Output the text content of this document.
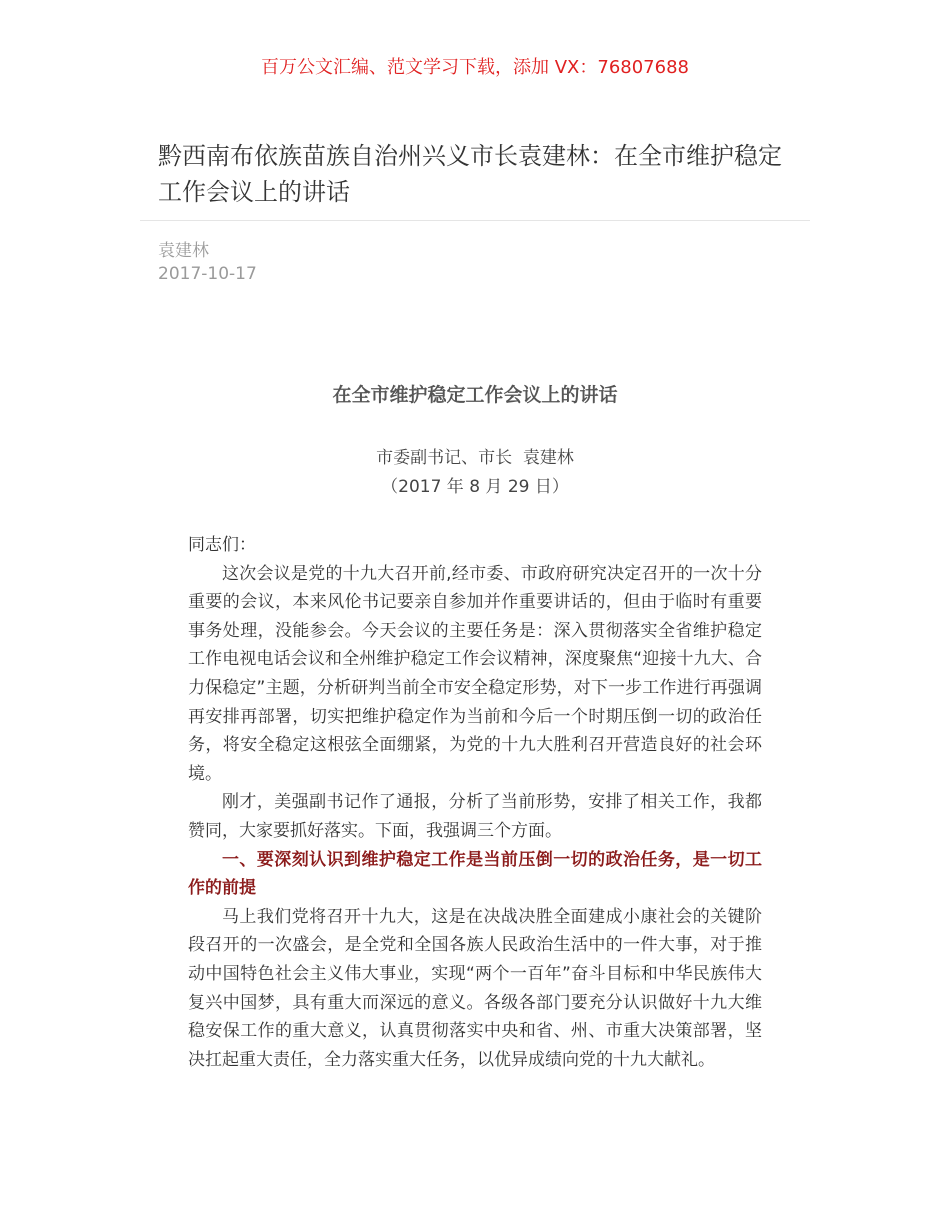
百万公文汇编、范文学习下载，添加 VX：76807688
黔西南布依族苗族自治州兴义市长袁建林：在全市维护稳定工作会议上的讲话
袁建林
2017-10-17
在全市维护稳定工作会议上的讲话
市委副书记、市长  袁建林
（2017 年 8 月 29 日）

同志们：

这次会议是党的十九大召开前,经市委、市政府研究决定召开的一次十分重要的会议，本来风伦书记要亲自参加并作重要讲话的，但由于临时有重要事务处理，没能参会。今天会议的主要任务是：深入贯彻落实全省维护稳定工作电视电话会议和全州维护稳定工作会议精神，深度聚焦“迎接十九大、合力保稳定”主题，分析研判当前全市安全稳定形势，对下一步工作进行再强调再安排再部署，切实把维护稳定作为当前和今后一个时期压倒一切的政治任务，将安全稳定这根弦全面绷紧，为党的十九大胜利召开营造良好的社会环境。

刚才，美强副书记作了通报，分析了当前形势，安排了相关工作，我都赞同，大家要抓好落实。下面，我强调三个方面。

一、要深刻认识到维护稳定工作是当前压倒一切的政治任务，是一切工作的前提

马上我们党将召开十九大，这是在决战决胜全面建成小康社会的关键阶段召开的一次盛会，是全党和全国各族人民政治生活中的一件大事，对于推动中国特色社会主义伟大事业，实现“两个一百年”奋斗目标和中华民族伟大复兴中国梦，具有重大而深远的意义。各级各部门要充分认识做好十九大维稳安保工作的重大意义，认真贯彻落实中央和省、州、市重大决策部署，坚决扛起重大责任，全力落实重大任务，以优异成绩向党的十九大献礼。
